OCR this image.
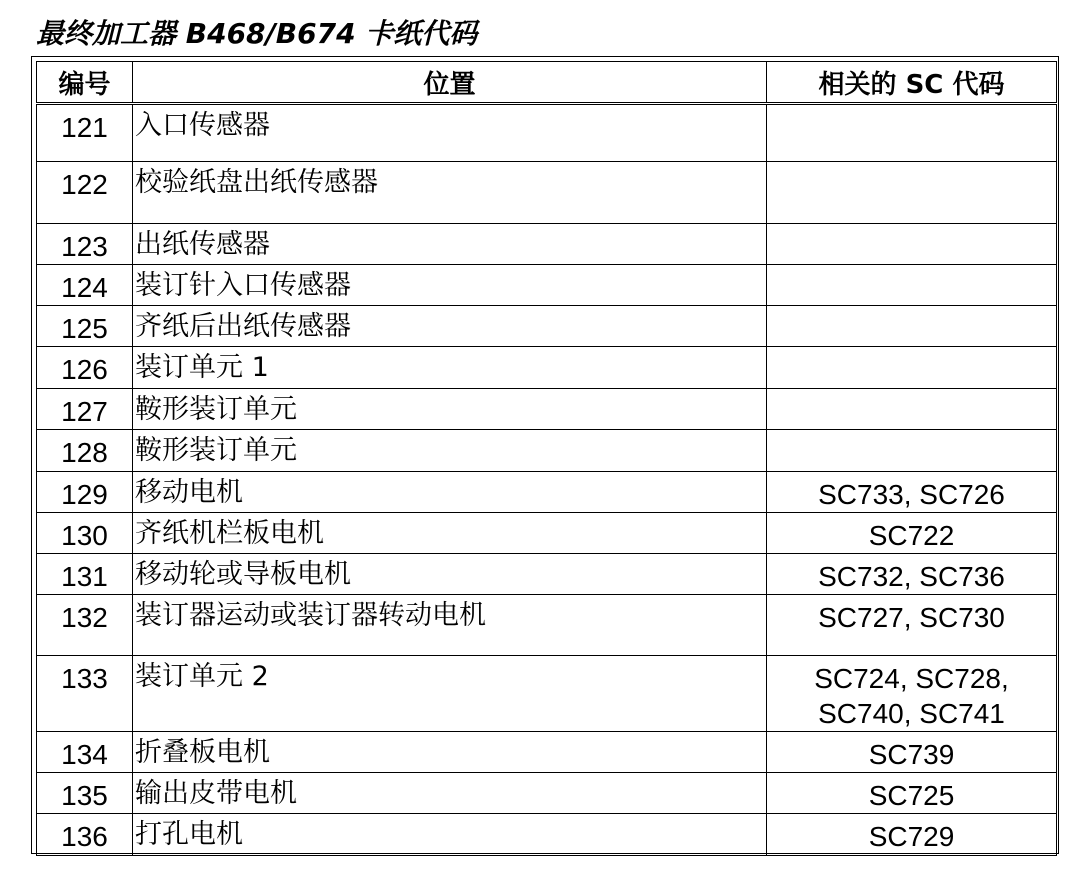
最终加工器 B468/B674 卡纸代码
编号	位置	相关的 SC 代码
121	入口传感器	
122	校验纸盘出纸传感器	
123	出纸传感器	
124	装订针入口传感器	
125	齐纸后出纸传感器	
126	装订单元 1	
127	鞍形装订单元	
128	鞍形装订单元	
129	移动电机	SC733, SC726

130	齐纸机栏板电机	SC722

131	移动轮或导板电机	SC732, SC736

132	装订器运动或装订器转动电机	SC727, SC730

133	装订单元 2	SC724, SC728,
SC740, SC741

134	折叠板电机	SC739

135	输出皮带电机	SC725

136	打孔电机	SC729
